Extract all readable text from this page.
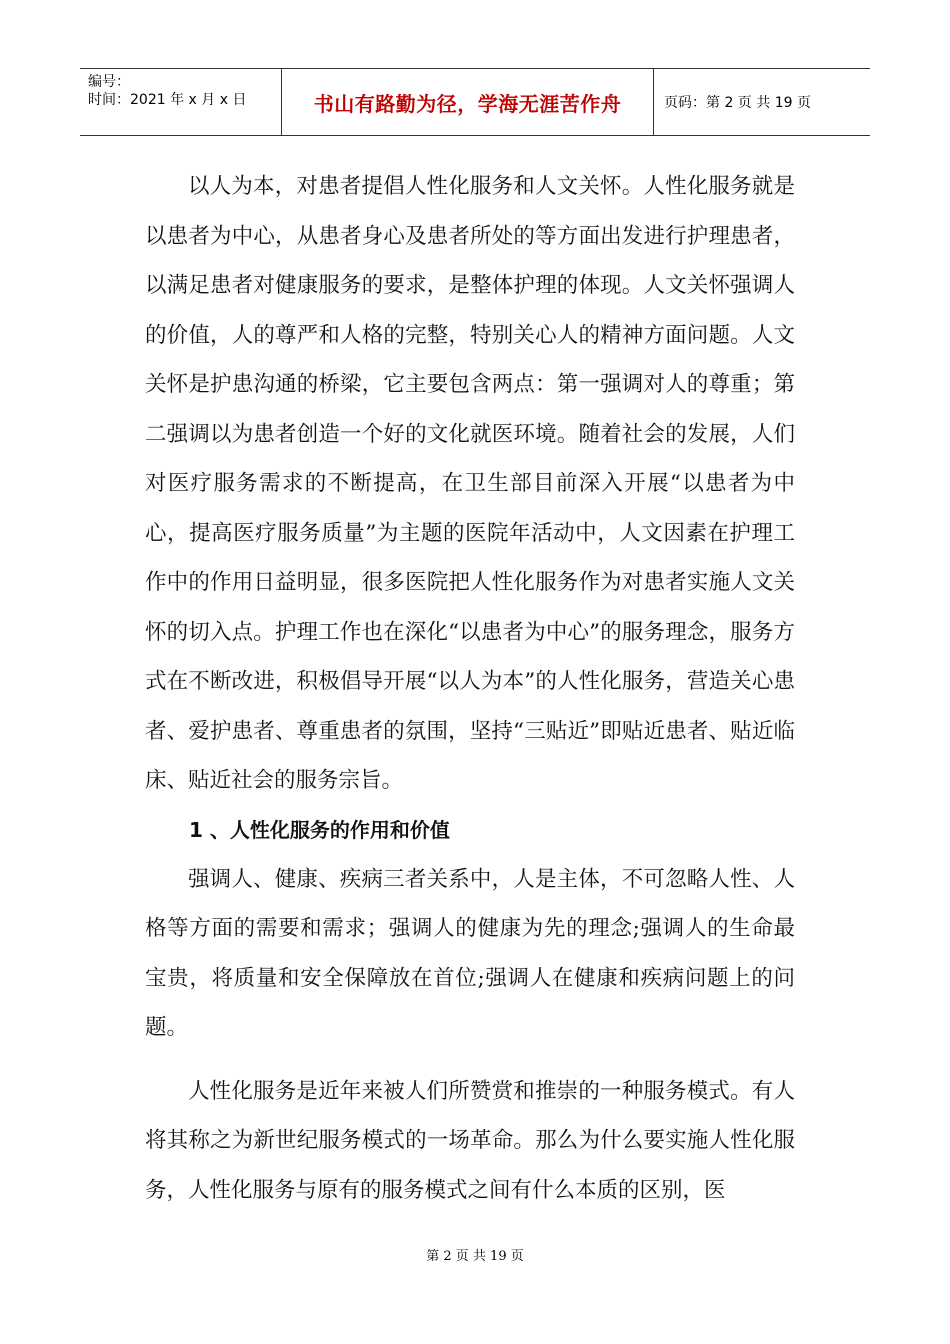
编号：
时间：2021 年 x 月 x 日	书山有路勤为径，学海无涯苦作舟	页码：第 2 页 共 19 页

以人为本，对患者提倡人性化服务和人文关怀。人性化服务就是以患者为中心，从患者身心及患者所处的等方面出发进行护理患者，以满足患者对健康服务的要求，是整体护理的体现。人文关怀强调人的价值，人的尊严和人格的完整，特别关心人的精神方面问题。人文关怀是护患沟通的桥梁，它主要包含两点：第一强调对人的尊重；第二强调以为患者创造一个好的文化就医环境。随着社会的发展，人们对医疗服务需求的不断提高，在卫生部目前深入开展“以患者为中心，提高医疗服务质量”为主题的医院年活动中，人文因素在护理工作中的作用日益明显，很多医院把人性化服务作为对患者实施人文关怀的切入点。护理工作也在深化“以患者为中心”的服务理念，服务方式在不断改进，积极倡导开展“以人为本”的人性化服务，营造关心患者、爱护患者、尊重患者的氛围，坚持“三贴近”即贴近患者、贴近临床、贴近社会的服务宗旨。

1 、人性化服务的作用和价值

强调人、健康、疾病三者关系中，人是主体，不可忽略人性、人格等方面的需要和需求；强调人的健康为先的理念;强调人的生命最宝贵，将质量和安全保障放在首位;强调人在健康和疾病问题上的问题。

人性化服务是近年来被人们所赞赏和推崇的一种服务模式。有人将其称之为新世纪服务模式的一场革命。那么为什么要实施人性化服务，人性化服务与原有的服务模式之间有什么本质的区别，医

第 2 页 共 19 页
